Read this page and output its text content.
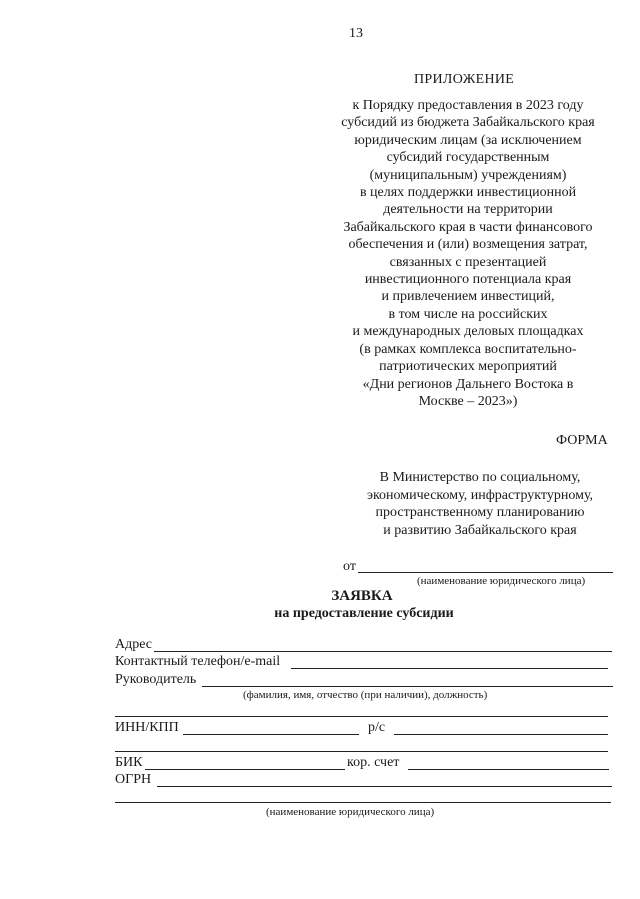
13
ПРИЛОЖЕНИЕ
к Порядку предоставления в 2023 году
субсидий из бюджета Забайкальского края
юридическим лицам (за исключением
субсидий государственным
(муниципальным) учреждениям)
в целях поддержки инвестиционной
деятельности на территории
Забайкальского края в части финансового
обеспечения и (или) возмещения затрат,
связанных с презентацией
инвестиционного потенциала края
и привлечением инвестиций,
в том числе на российских
и международных деловых площадках
(в рамках комплекса воспитательно-
патриотических мероприятий
«Дни регионов Дальнего Востока в
Москве – 2023»)
ФОРМА
В Министерство по социальному,
экономическому, инфраструктурному,
пространственному планированию
и развитию Забайкальского края
от
(наименование юридического лица)
ЗАЯВКА
на предоставление субсидии
Адрес
Контактный телефон/e-mail
Руководитель
(фамилия, имя, отчество (при наличии), должность)
ИНН/КПП	р/с
БИК	кор. счет
ОГРН
(наименование юридического лица)
